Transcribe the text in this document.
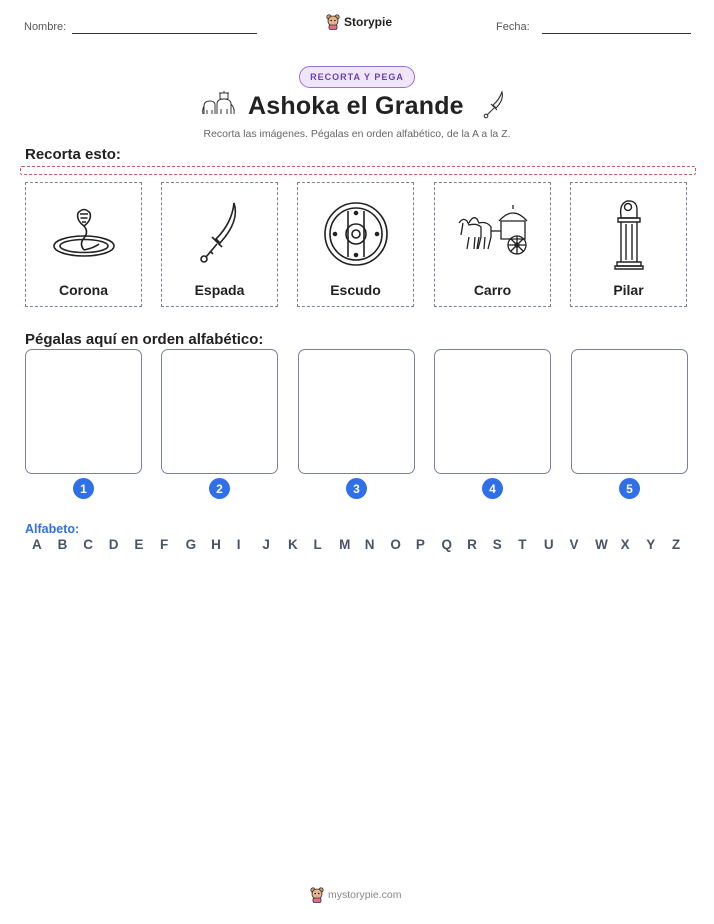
Nombre:	Storypie	Fecha:
RECORTA Y PEGA
Ashoka el Grande
Recorta las imágenes. Pégalas en orden alfabético, de la A a la Z.
Recorta esto:
Corona	Espada	Escudo	Carro	Pilar
Pégalas aquí en orden alfabético:
1	2	3	4	5
Alfabeto:
A	B	C	D	E	F	G	H	I	J	K	L	M	N	O	P	Q	R	S	T	U	V	W X	Y	Z
mystorypie.com
